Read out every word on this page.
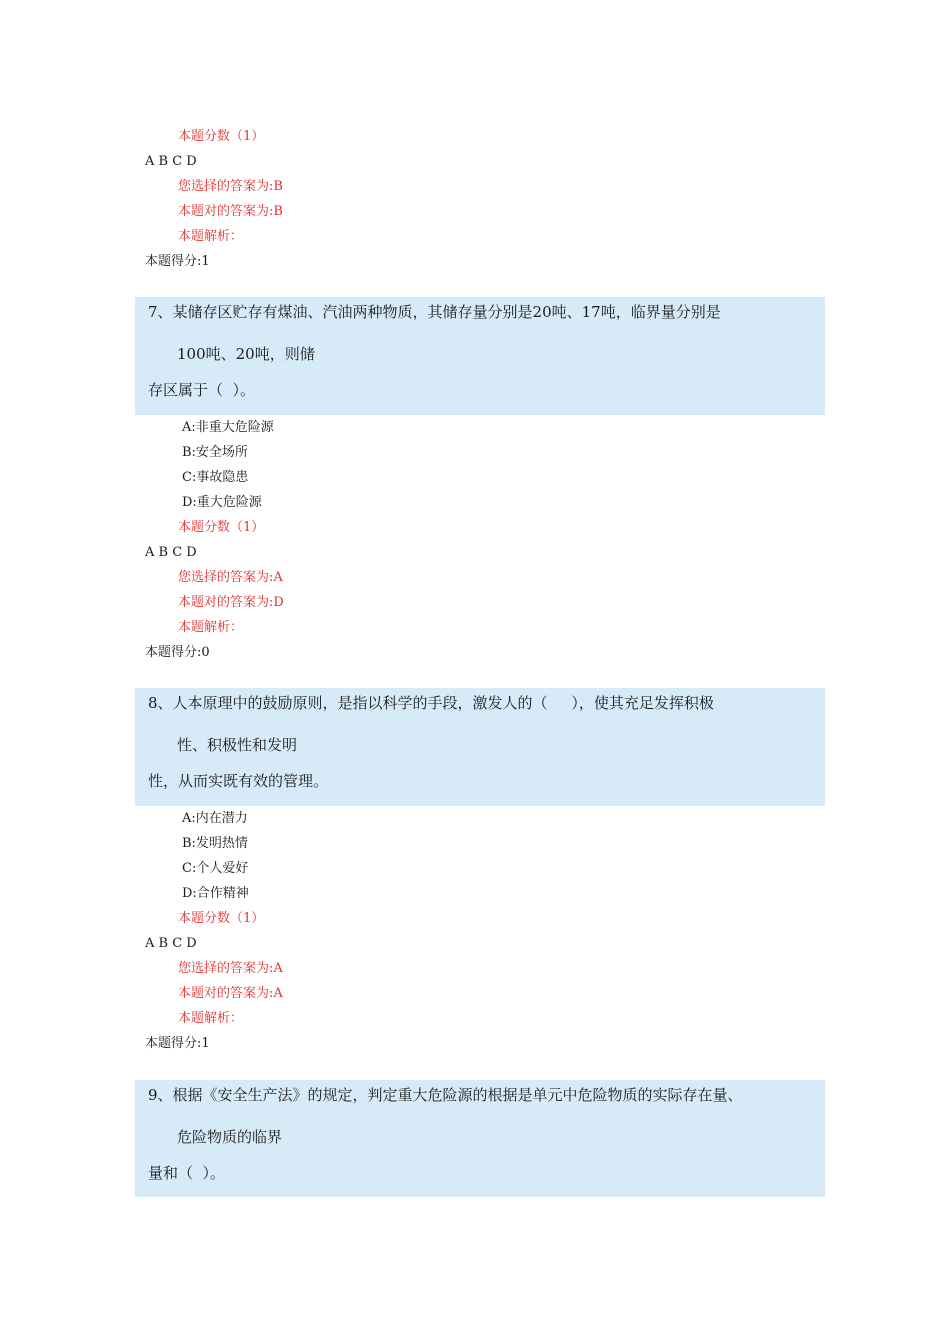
本题分数（1）
A B C D
您选择的答案为:B
本题对的答案为:B
本题解析：
本题得分:1
7、某储存区贮存有煤油、汽油两种物质，其储存量分别是20吨、17吨，临界量分别是
100吨、20吨，则储
存区属于（  ）。
A:非重大危险源
B:安全场所
C:事故隐患
D:重大危险源
本题分数（1）
A B C D
您选择的答案为:A
本题对的答案为:D
本题解析：
本题得分:0
8、人本原理中的鼓励原则，是指以科学的手段，激发人的（     ），使其充足发挥积极
性、积极性和发明
性，从而实既有效的管理。
A:内在潜力
B:发明热情
C:个人爱好
D:合作精神
本题分数（1）
A B C D
您选择的答案为:A
本题对的答案为:A
本题解析：
本题得分:1
9、根据《安全生产法》的规定，判定重大危险源的根据是单元中危险物质的实际存在量、
危险物质的临界
量和（  ）。
